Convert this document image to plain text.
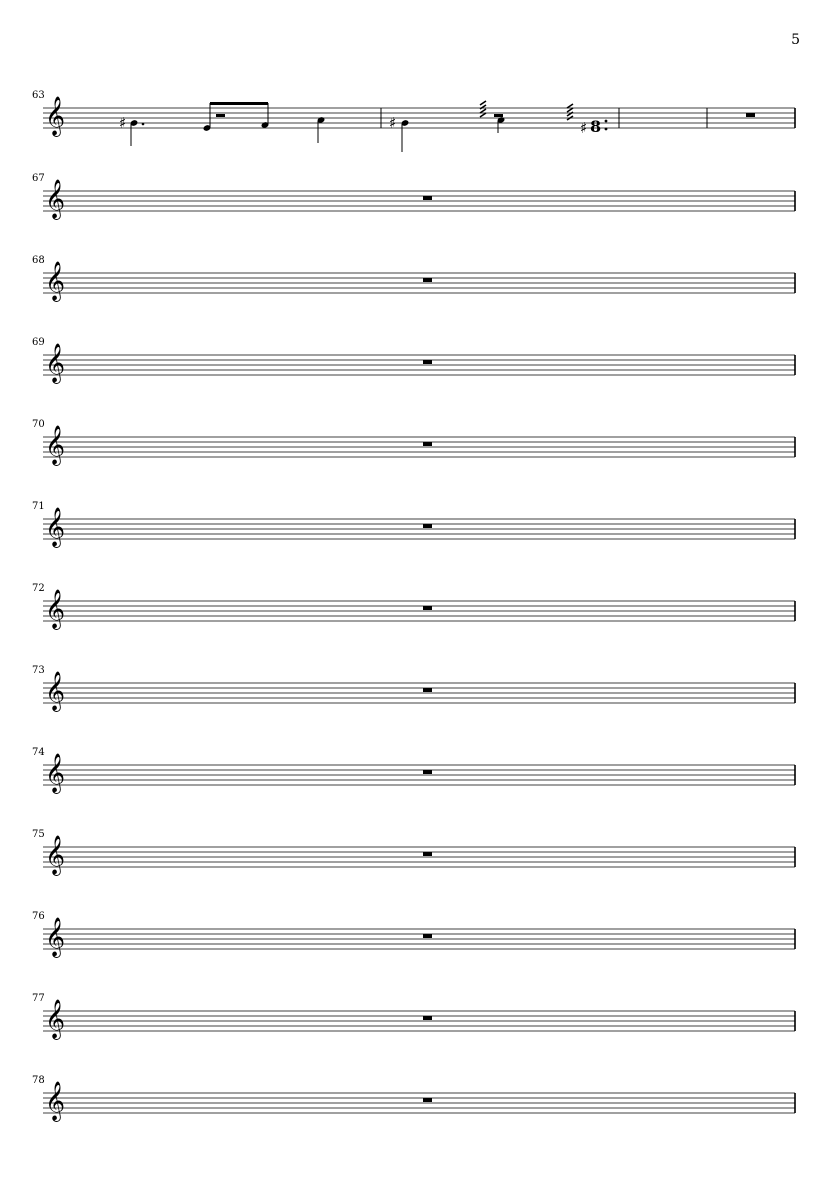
5
𝄞
63
♯	♯	♯ 8
𝄞
67
𝄞
68
𝄞
69
𝄞
70
𝄞
71
𝄞
72
𝄞
73
𝄞
74
𝄞
75
𝄞
76
𝄞
77
𝄞
78
